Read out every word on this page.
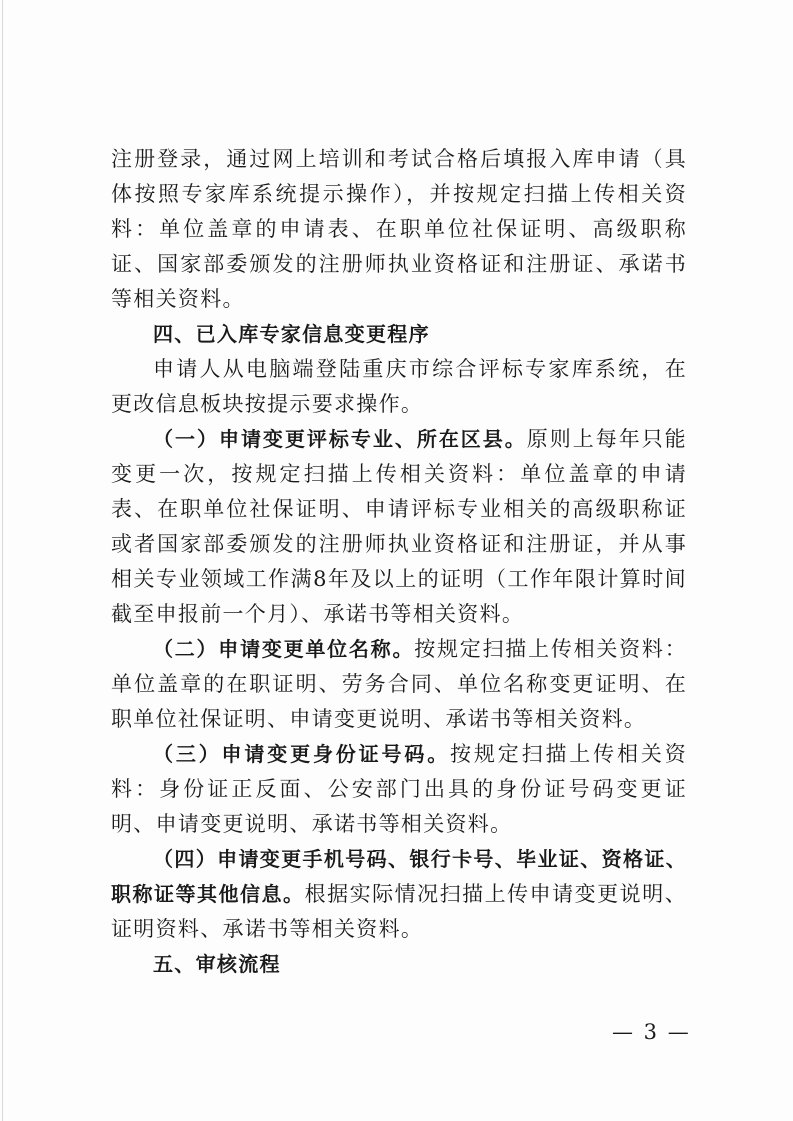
注册登录，通过网上培训和考试合格后填报入库申请（具体按照专家库系统提示操作），并按规定扫描上传相关资料：单位盖章的申请表、在职单位社保证明、高级职称证、国家部委颁发的注册师执业资格证和注册证、承诺书等相关资料。

四、已入库专家信息变更程序

申请人从电脑端登陆重庆市综合评标专家库系统，在更改信息板块按提示要求操作。

（一）申请变更评标专业、所在区县。原则上每年只能变更一次，按规定扫描上传相关资料：单位盖章的申请表、在职单位社保证明、申请评标专业相关的高级职称证或者国家部委颁发的注册师执业资格证和注册证，并从事相关专业领域工作满8年及以上的证明（工作年限计算时间截至申报前一个月）、承诺书等相关资料。

（二）申请变更单位名称。按规定扫描上传相关资料：单位盖章的在职证明、劳务合同、单位名称变更证明、在职单位社保证明、申请变更说明、承诺书等相关资料。

（三）申请变更身份证号码。按规定扫描上传相关资料：身份证正反面、公安部门出具的身份证号码变更证明、申请变更说明、承诺书等相关资料。

（四）申请变更手机号码、银行卡号、毕业证、资格证、职称证等其他信息。根据实际情况扫描上传申请变更说明、证明资料、承诺书等相关资料。

五、审核流程

— 3 —
